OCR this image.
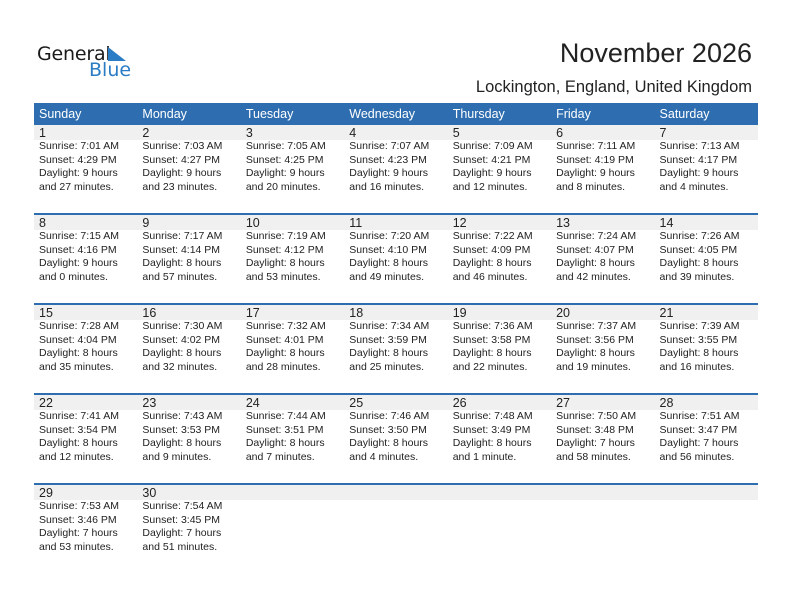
General
Blue
November 2026
Lockington, England, United Kingdom
Sunday	Monday	Tuesday	Wednesday	Thursday	Friday	Saturday
1	2	3	4	5	6	7
Sunrise: 7:01 AM
Sunset: 4:29 PM
Daylight: 9 hours
and 27 minutes.
Sunrise: 7:03 AM
Sunset: 4:27 PM
Daylight: 9 hours
and 23 minutes.
Sunrise: 7:05 AM
Sunset: 4:25 PM
Daylight: 9 hours
and 20 minutes.
Sunrise: 7:07 AM
Sunset: 4:23 PM
Daylight: 9 hours
and 16 minutes.
Sunrise: 7:09 AM
Sunset: 4:21 PM
Daylight: 9 hours
and 12 minutes.
Sunrise: 7:11 AM
Sunset: 4:19 PM
Daylight: 9 hours
and 8 minutes.
Sunrise: 7:13 AM
Sunset: 4:17 PM
Daylight: 9 hours
and 4 minutes.
8	9	10	11	12	13	14
Sunrise: 7:15 AM
Sunset: 4:16 PM
Daylight: 9 hours
and 0 minutes.
Sunrise: 7:17 AM
Sunset: 4:14 PM
Daylight: 8 hours
and 57 minutes.
Sunrise: 7:19 AM
Sunset: 4:12 PM
Daylight: 8 hours
and 53 minutes.
Sunrise: 7:20 AM
Sunset: 4:10 PM
Daylight: 8 hours
and 49 minutes.
Sunrise: 7:22 AM
Sunset: 4:09 PM
Daylight: 8 hours
and 46 minutes.
Sunrise: 7:24 AM
Sunset: 4:07 PM
Daylight: 8 hours
and 42 minutes.
Sunrise: 7:26 AM
Sunset: 4:05 PM
Daylight: 8 hours
and 39 minutes.
15	16	17	18	19	20	21
Sunrise: 7:28 AM
Sunset: 4:04 PM
Daylight: 8 hours
and 35 minutes.
Sunrise: 7:30 AM
Sunset: 4:02 PM
Daylight: 8 hours
and 32 minutes.
Sunrise: 7:32 AM
Sunset: 4:01 PM
Daylight: 8 hours
and 28 minutes.
Sunrise: 7:34 AM
Sunset: 3:59 PM
Daylight: 8 hours
and 25 minutes.
Sunrise: 7:36 AM
Sunset: 3:58 PM
Daylight: 8 hours
and 22 minutes.
Sunrise: 7:37 AM
Sunset: 3:56 PM
Daylight: 8 hours
and 19 minutes.
Sunrise: 7:39 AM
Sunset: 3:55 PM
Daylight: 8 hours
and 16 minutes.
22	23	24	25	26	27	28
Sunrise: 7:41 AM
Sunset: 3:54 PM
Daylight: 8 hours
and 12 minutes.
Sunrise: 7:43 AM
Sunset: 3:53 PM
Daylight: 8 hours
and 9 minutes.
Sunrise: 7:44 AM
Sunset: 3:51 PM
Daylight: 8 hours
and 7 minutes.
Sunrise: 7:46 AM
Sunset: 3:50 PM
Daylight: 8 hours
and 4 minutes.
Sunrise: 7:48 AM
Sunset: 3:49 PM
Daylight: 8 hours
and 1 minute.
Sunrise: 7:50 AM
Sunset: 3:48 PM
Daylight: 7 hours
and 58 minutes.
Sunrise: 7:51 AM
Sunset: 3:47 PM
Daylight: 7 hours
and 56 minutes.
29	30
Sunrise: 7:53 AM
Sunset: 3:46 PM
Daylight: 7 hours
and 53 minutes.
Sunrise: 7:54 AM
Sunset: 3:45 PM
Daylight: 7 hours
and 51 minutes.
